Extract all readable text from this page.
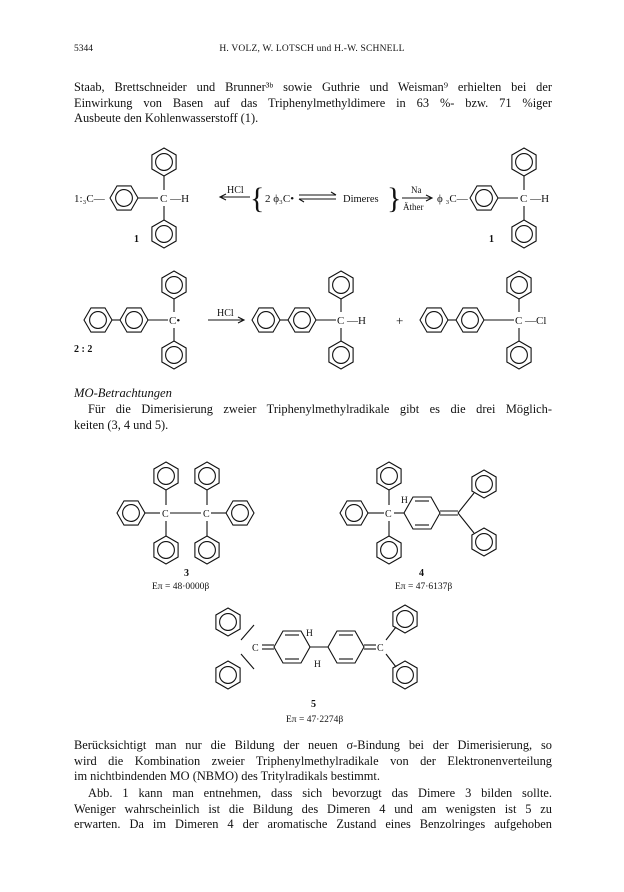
5344	H. VOLZ, W. LOTSCH und H.-W. SCHNELL
Staab, Brettschneider und Brunner³ᵇ sowie Guthrie und Weisman⁹ erhielten bei der
Einwirkung von Basen auf das Triphenylmethyldimere in 63 %- bzw. 71 %iger
Ausbeute den Kohlenwasserstoff (1).
MO-Betrachtungen
Für die Dimerisierung zweier Triphenylmethylradikale gibt es die drei Möglich-
keiten (3, 4 und 5).
Berücksichtigt man nur die Bildung der neuen σ-Bindung bei der Dimerisierung, so
wird die Kombination zweier Triphenylmethylradikale von der Elektronenverteilung
im nichtbindenden MO (NBMO) des Tritylradikals bestimmt.
Abb. 1 kann man entnehmen, dass sich bevorzugt das Dimere 3 bilden sollte.
Weniger wahrscheinlich ist die Bildung des Dimeren 4 und am wenigsten ist 5 zu
erwarten. Da im Dimeren 4 der aromatische Zustand eines Benzolringes aufgehoben
1:₃C—	C —H
1
HCl { 2 ϕ₃C•	Dimeres } Na
Äther
ϕ ₃C—	C —H
1
C•
2 : 2
HCl
C —H +	C —Cl
C	C
3
Eπ = 48·0000β
C
H
4
Eπ = 47·6137β
C
H
H
C
5
Eπ = 47·2274β
